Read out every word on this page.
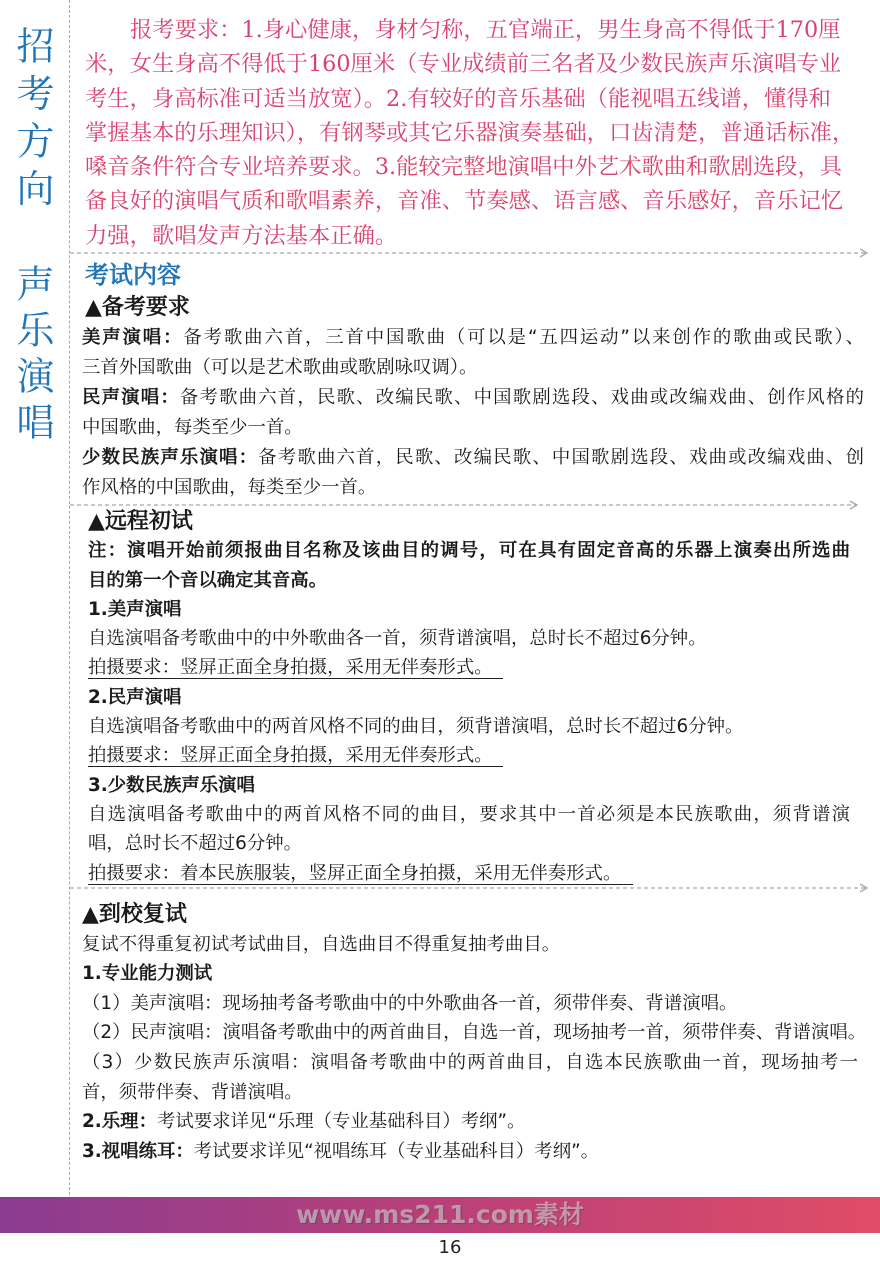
招考方向
声乐演唱
报考要求：1.身心健康，身材匀称，五官端正，男生身高不得低于170厘
米，女生身高不得低于160厘米（专业成绩前三名者及少数民族声乐演唱专业
考生，身高标准可适当放宽）。2.有较好的音乐基础（能视唱五线谱，懂得和
掌握基本的乐理知识），有钢琴或其它乐器演奏基础，口齿清楚，普通话标准，
嗓音条件符合专业培养要求。3.能较完整地演唱中外艺术歌曲和歌剧选段，具
备良好的演唱气质和歌唱素养，音准、节奏感、语言感、音乐感好，音乐记忆
力强，歌唱发声方法基本正确。
考试内容
▲备考要求
美声演唱：备考歌曲六首，三首中国歌曲（可以是“五四运动”以来创作的歌曲或民歌）、
三首外国歌曲（可以是艺术歌曲或歌剧咏叹调）。
民声演唱：备考歌曲六首，民歌、改编民歌、中国歌剧选段、戏曲或改编戏曲、创作风格的
中国歌曲，每类至少一首。
少数民族声乐演唱：备考歌曲六首，民歌、改编民歌、中国歌剧选段、戏曲或改编戏曲、创
作风格的中国歌曲，每类至少一首。
▲远程初试
注：演唱开始前须报曲目名称及该曲目的调号，可在具有固定音高的乐器上演奏出所选曲
目的第一个音以确定其音高。
1.美声演唱
自选演唱备考歌曲中的中外歌曲各一首，须背谱演唱，总时长不超过6分钟。
拍摄要求：竖屏正面全身拍摄，采用无伴奏形式。
2.民声演唱
自选演唱备考歌曲中的两首风格不同的曲目，须背谱演唱，总时长不超过6分钟。
拍摄要求：竖屏正面全身拍摄，采用无伴奏形式。
3.少数民族声乐演唱
自选演唱备考歌曲中的两首风格不同的曲目，要求其中一首必须是本民族歌曲，须背谱演
唱，总时长不超过6分钟。
拍摄要求：着本民族服装，竖屏正面全身拍摄，采用无伴奏形式。
▲到校复试
复试不得重复初试考试曲目，自选曲目不得重复抽考曲目。
1.专业能力测试
（1）美声演唱：现场抽考备考歌曲中的中外歌曲各一首，须带伴奏、背谱演唱。
（2）民声演唱：演唱备考歌曲中的两首曲目，自选一首，现场抽考一首，须带伴奏、背谱演唱。
（3）少数民族声乐演唱：演唱备考歌曲中的两首曲目，自选本民族歌曲一首，现场抽考一
首，须带伴奏、背谱演唱。
2.乐理：考试要求详见“乐理（专业基础科目）考纲”。
3.视唱练耳：考试要求详见“视唱练耳（专业基础科目）考纲”。
www.ms211.com素材
16
